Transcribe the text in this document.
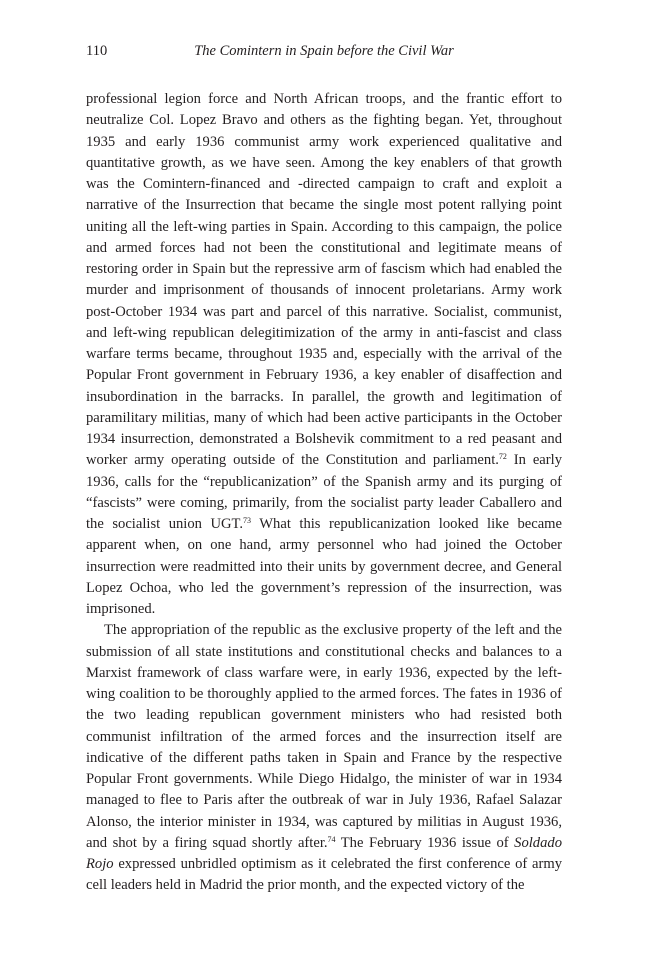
110	The Comintern in Spain before the Civil War

professional legion force and North African troops, and the frantic effort to neutralize Col. Lopez Bravo and others as the fighting began. Yet, throughout 1935 and early 1936 communist army work experienced qualitative and quantitative growth, as we have seen. Among the key enablers of that growth was the Comintern-financed and -directed campaign to craft and exploit a narrative of the Insurrection that became the single most potent rallying point uniting all the left-wing parties in Spain. According to this campaign, the police and armed forces had not been the constitutional and legitimate means of restoring order in Spain but the repressive arm of fascism which had enabled the murder and imprisonment of thousands of innocent proletarians. Army work post-October 1934 was part and parcel of this narrative. Socialist, communist, and left-wing republican delegitimization of the army in anti-fascist and class warfare terms became, throughout 1935 and, especially with the arrival of the Popular Front government in February 1936, a key enabler of disaffection and insubordination in the barracks. In parallel, the growth and legitimation of paramilitary militias, many of which had been active participants in the October 1934 insurrection, demonstrated a Bolshevik commitment to a red peasant and worker army operating outside of the Constitution and parliament.$^{72}$ In early 1936, calls for the “republicanization” of the Spanish army and its purging of “fascists” were coming, primarily, from the socialist party leader Caballero and the socialist union UGT.$^{73}$ What this republicanization looked like became apparent when, on one hand, army personnel who had joined the October insurrection were readmitted into their units by government decree, and General Lopez Ochoa, who led the government’s repression of the insurrection, was imprisoned.

The appropriation of the republic as the exclusive property of the left and the submission of all state institutions and constitutional checks and balances to a Marxist framework of class warfare were, in early 1936, expected by the left-wing coalition to be thoroughly applied to the armed forces. The fates in 1936 of the two leading republican government ministers who had resisted both communist infiltration of the armed forces and the insurrection itself are indicative of the different paths taken in Spain and France by the respective Popular Front governments. While Diego Hidalgo, the minister of war in 1934 managed to flee to Paris after the outbreak of war in July 1936, Rafael Salazar Alonso, the interior minister in 1934, was captured by militias in August 1936, and shot by a firing squad shortly after.$^{74}$ The February 1936 issue of Soldado Rojo expressed unbridled optimism as it celebrated the first conference of army cell leaders held in Madrid the prior month, and the expected victory of the
